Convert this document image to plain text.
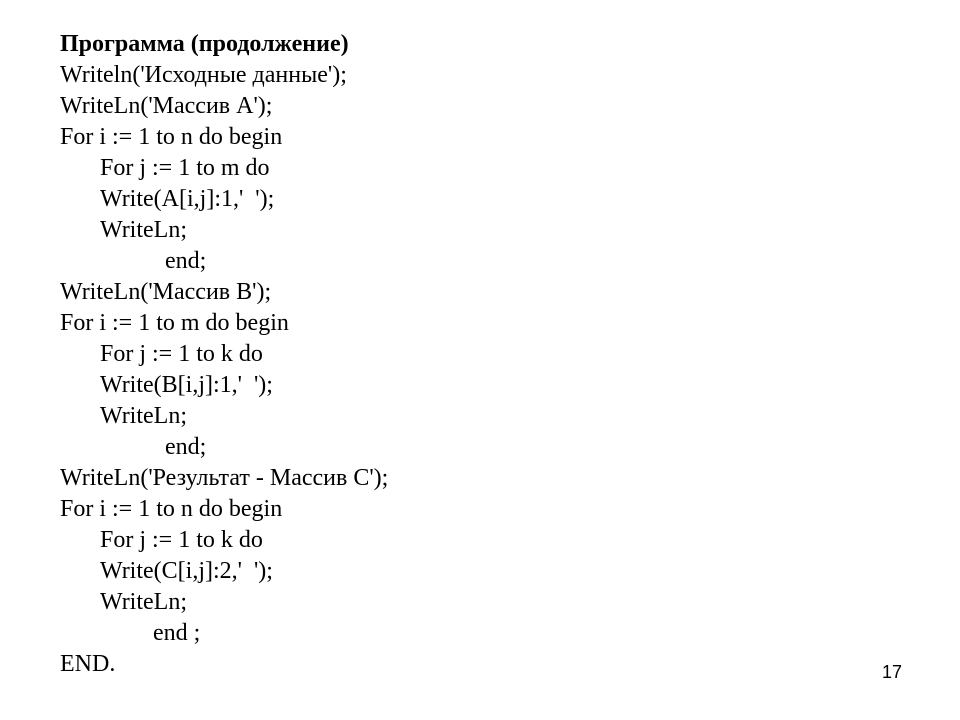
Программа (продолжение)
Writeln('Исходные данные');
WriteLn('Массив A');
For i := 1 to n do begin
For j := 1 to m do
Write(A[i,j]:1,'  ');
WriteLn;
end;
WriteLn('Массив B');
For i := 1 to m do begin
For j := 1 to k do
Write(B[i,j]:1,'  ');
WriteLn;
end;
WriteLn('Результат - Массив C');
For i := 1 to n do begin
For j := 1 to k do
Write(C[i,j]:2,'  ');
WriteLn;
end ;
END.	17
